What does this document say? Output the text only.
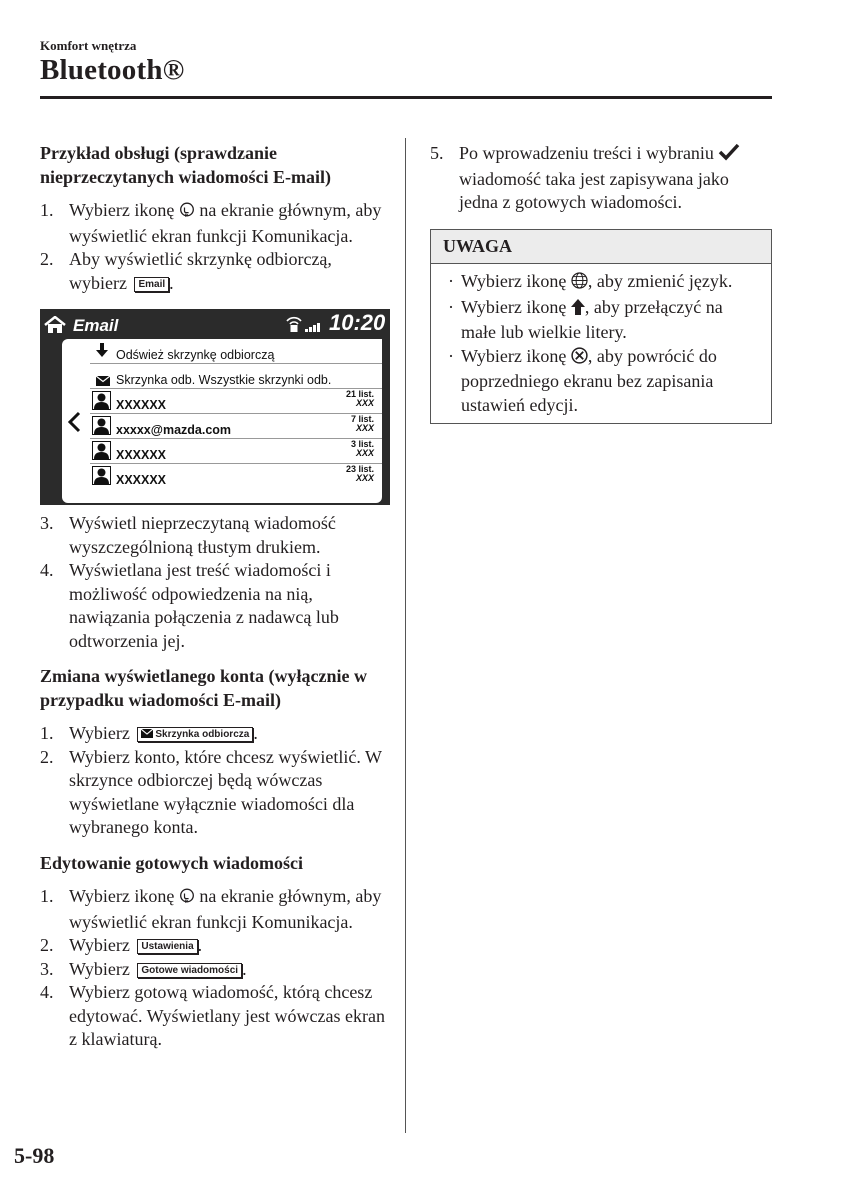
Komfort wnętrza
Bluetooth®
Przykład obsługi (sprawdzanie nieprzeczytanych wiadomości E-mail)
1. Wybierz ikonę  na ekranie głównym, aby wyświetlić ekran funkcji Komunikacja.
2. Aby wyświetlić skrzynkę odbiorczą, wybierz Email .
Email	10:20
Odśwież skrzynkę odbiorczą
Skrzynka odb. Wszystkie skrzynki odb.
XXXXXX
21 list.
XXX
xxxxx@mazda.com
7 list.
XXX
XXXXXX
3 list.
XXX
XXXXXX
23 list.
XXX
3. Wyświetl nieprzeczytaną wiadomość wyszczególnioną tłustym drukiem.
4. Wyświetlana jest treść wiadomości i możliwość odpowiedzenia na nią, nawiązania połączenia z nadawcą lub odtworzenia jej.
Zmiana wyświetlanego konta (wyłącznie w przypadku wiadomości E-mail)
1. Wybierz	Skrzynka odbiorcza .
2. Wybierz konto, które chcesz wyświetlić. W skrzynce odbiorczej będą wówczas wyświetlane wyłącznie wiadomości dla wybranego konta.
Edytowanie gotowych wiadomości
1. Wybierz ikonę  na ekranie głównym, aby wyświetlić ekran funkcji Komunikacja.
2. Wybierz Ustawienia .
3. Wybierz Gotowe wiadomości .
4. Wybierz gotową wiadomość, którą chcesz edytować. Wyświetlany jest wówczas ekran z klawiaturą.
5. Po wprowadzeniu treści i wybraniu  wiadomość taka jest zapisywana jako jedna z gotowych wiadomości.
UWAGA
· Wybierz ikonę , aby zmienić język.
· Wybierz ikonę , aby przełączyć na małe lub wielkie litery.
· Wybierz ikonę , aby powrócić do poprzedniego ekranu bez zapisania ustawień edycji.
5-98
